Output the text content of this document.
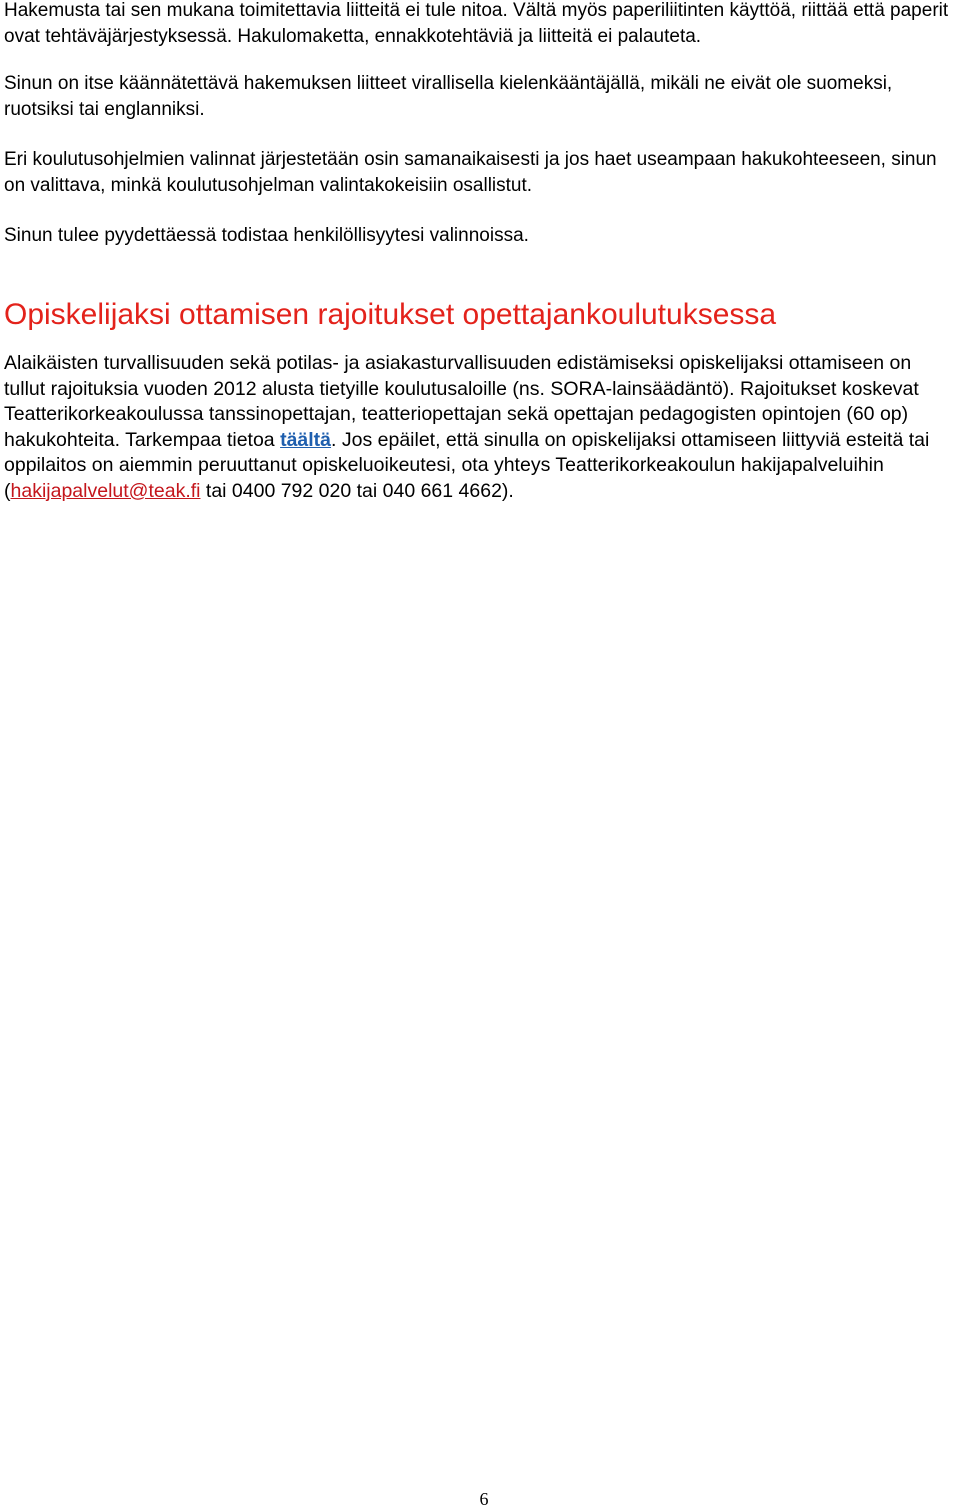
Hakemusta tai sen mukana toimitettavia liitteitä ei tule nitoa. Vältä myös paperiliitinten käyttöä, riittää että paperit ovat tehtäväjärjestyksessä. Hakulomaketta, ennakkotehtäviä ja liitteitä ei palauteta.

Sinun on itse käännätettävä hakemuksen liitteet virallisella kielenkääntäjällä, mikäli ne eivät ole suomeksi, ruotsiksi tai englanniksi.

Eri koulutusohjelmien valinnat järjestetään osin samanaikaisesti ja jos haet useampaan hakukohteeseen, sinun on valittava, minkä koulutusohjelman valintakokeisiin osallistut.

Sinun tulee pyydettäessä todistaa henkilöllisyytesi valinnoissa.

Opiskelijaksi ottamisen rajoitukset opettajankoulutuksessa

Alaikäisten turvallisuuden sekä potilas- ja asiakasturvallisuuden edistämiseksi opiskelijaksi ottamiseen on tullut rajoituksia vuoden 2012 alusta tietyille koulutusaloille (ns. SORA-lainsäädäntö). Rajoitukset koskevat Teatterikorkeakoulussa tanssinopettajan, teatteriopettajan sekä opettajan pedagogisten opintojen (60 op) hakukohteita. Tarkempaa tietoa täältä. Jos epäilet, että sinulla on opiskelijaksi ottamiseen liittyviä esteitä tai oppilaitos on aiemmin peruuttanut opiskeluoikeutesi, ota yhteys Teatterikorkeakoulun hakijapalveluihin (hakijapalvelut@teak.fi tai 0400 792 020 tai 040 661 4662).

6
